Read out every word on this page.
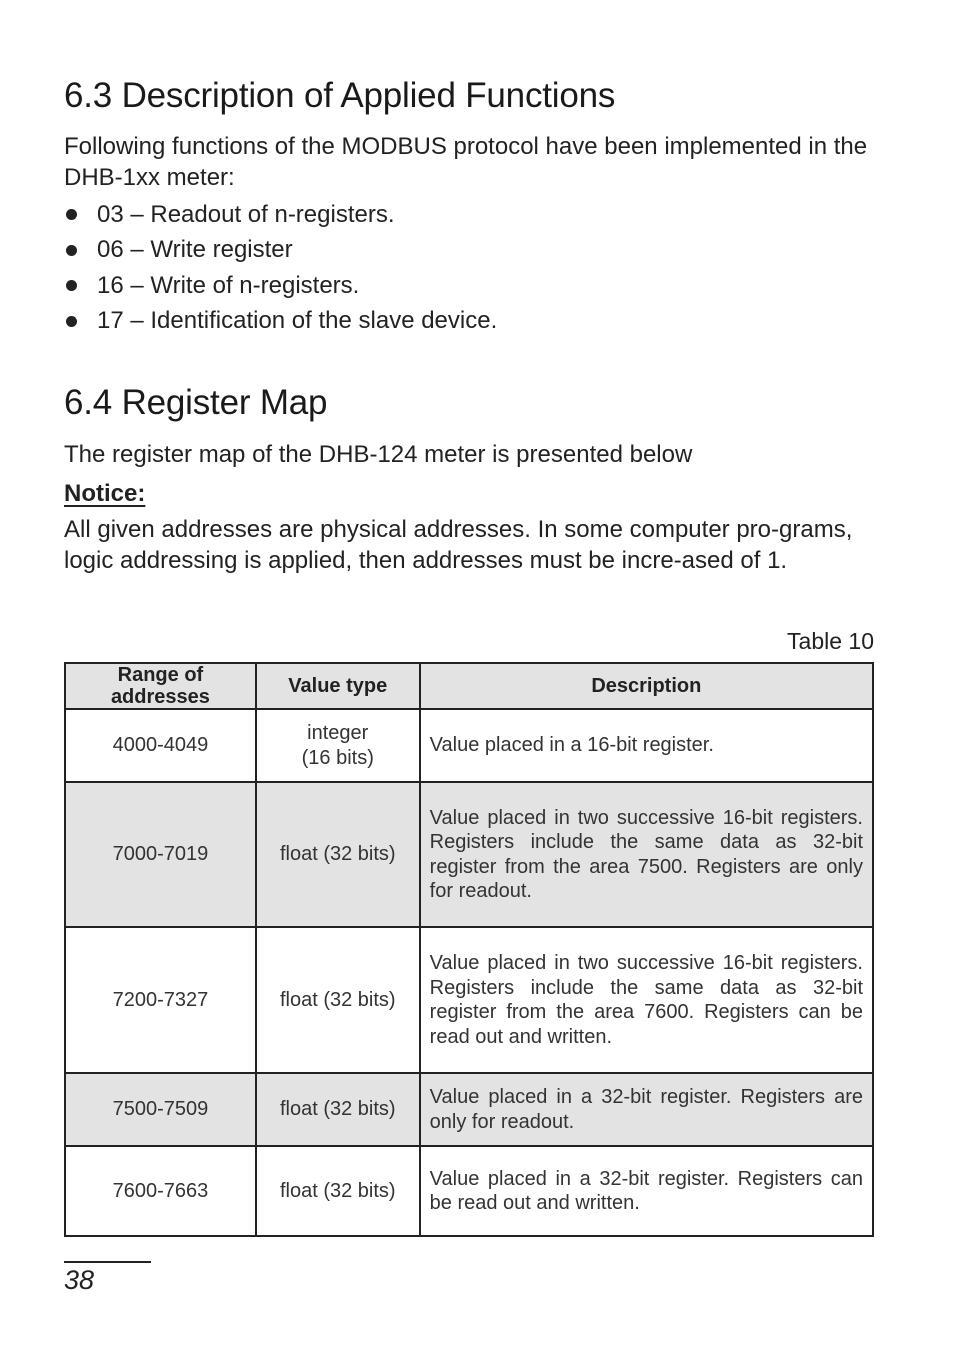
6.3 Description of Applied Functions

Following functions of the MODBUS protocol have been implemented in the DHB-1xx meter:

03 – Readout of n-registers.
06 – Write register
16 – Write of n-registers.
17 – Identification of the slave device.
6.4 Register Map

The register map of the DHB-124 meter is presented below

Notice:

All given addresses are physical addresses. In some computer pro-grams, logic addressing is applied, then addresses must be incre-ased of 1.

Table 10
Range of addresses	Value type	Description
4000-4049	integer (16 bits)	Value placed in a 16-bit register.
7000-7019	float (32 bits)	Value placed in two successive 16-bit registers. Registers include the same data as 32-bit register from the area 7500. Registers are only for readout.
7200-7327	float (32 bits)	Value placed in two successive 16-bit registers. Registers include the same data as 32-bit register from the area 7600. Registers can be read out and written.
7500-7509	float (32 bits)	Value placed in a 32-bit register. Registers are only for readout.
7600-7663	float (32 bits)	Value placed in a 32-bit register. Registers can be read out and written.
38
